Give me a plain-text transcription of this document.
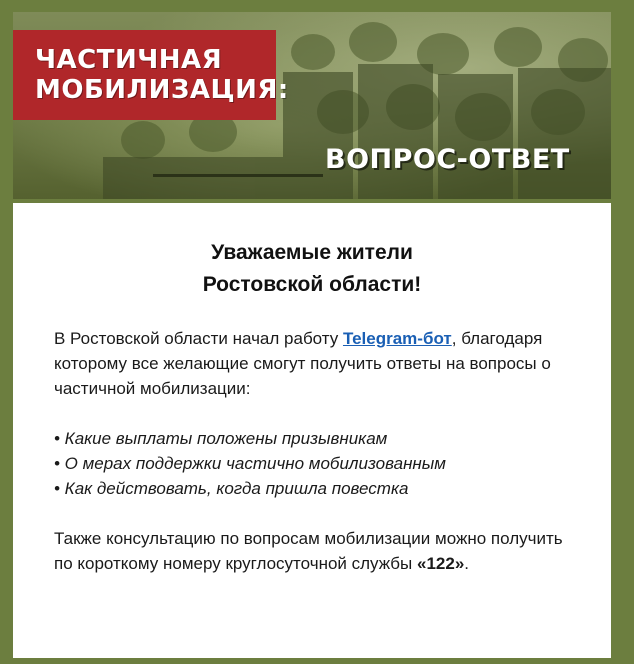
ЧАСТИЧНАЯ
МОБИЛИЗАЦИЯ:
ВОПРОС-ОТВЕТ
Уважаемые жители
Ростовской области!
В Ростовской области начал работу Telegram-бот, благодаря которому все желающие смогут получить ответы на вопросы о частичной мобилизации:
• Какие выплаты положены призывникам
• О мерах поддержки частично мобилизованным
• Как действовать, когда пришла повестка
Также консультацию по вопросам мобилизации можно получить по короткому номеру круглосуточной службы «122».
